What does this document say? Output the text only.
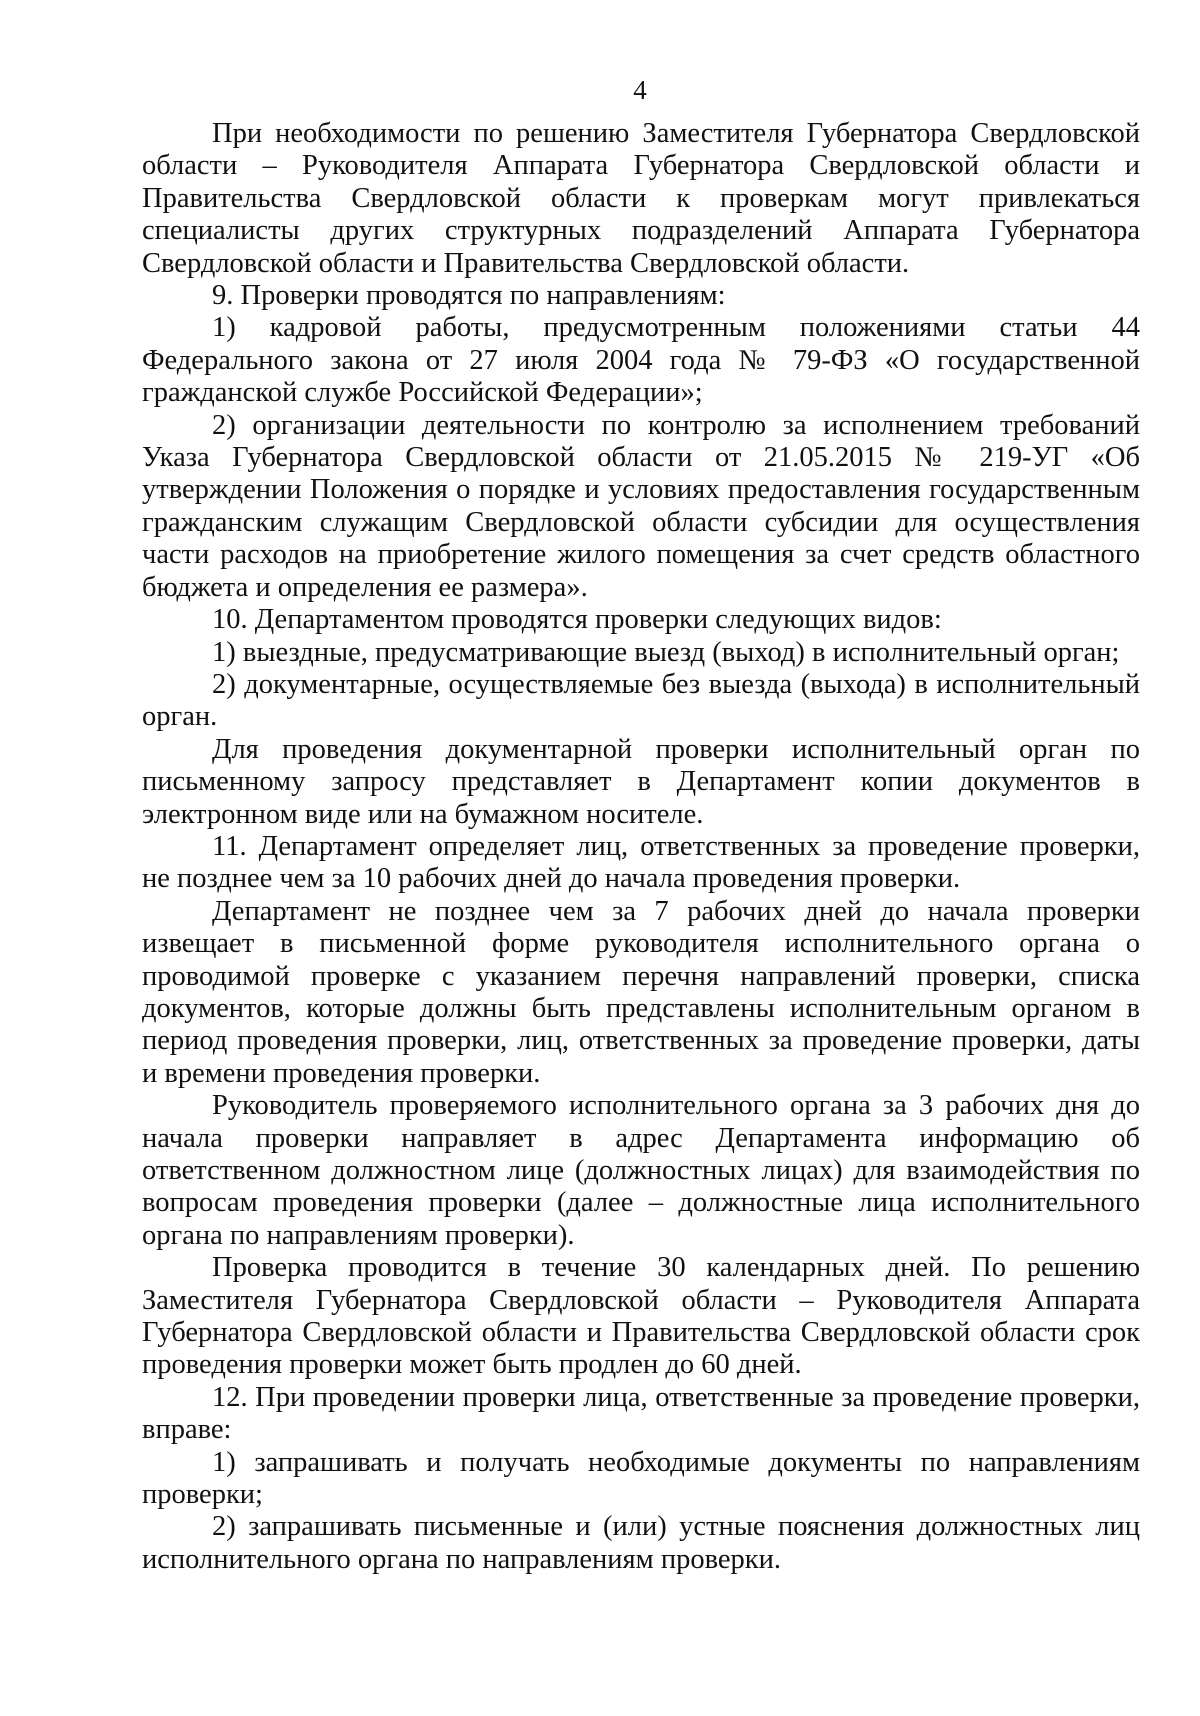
4

При необходимости по решению Заместителя Губернатора Свердловской области – Руководителя Аппарата Губернатора Свердловской области и Правительства Свердловской области к проверкам могут привлекаться специалисты других структурных подразделений Аппарата Губернатора Свердловской области и Правительства Свердловской области.

9. Проверки проводятся по направлениям:

1) кадровой работы, предусмотренным положениями статьи 44 Федерального закона от 27 июля 2004 года № 79-ФЗ «О государственной гражданской службе Российской Федерации»;

2) организации деятельности по контролю за исполнением требований Указа Губернатора Свердловской области от 21.05.2015 № 219-УГ «Об утверждении Положения о порядке и условиях предоставления государственным гражданским служащим Свердловской области субсидии для осуществления части расходов на приобретение жилого помещения за счет средств областного бюджета и определения ее размера».

10. Департаментом проводятся проверки следующих видов:

1) выездные, предусматривающие выезд (выход) в исполнительный орган;

2) документарные, осуществляемые без выезда (выхода) в исполнительный орган.

Для проведения документарной проверки исполнительный орган по письменному запросу представляет в Департамент копии документов в электронном виде или на бумажном носителе.

11. Департамент определяет лиц, ответственных за проведение проверки, не позднее чем за 10 рабочих дней до начала проведения проверки.

Департамент не позднее чем за 7 рабочих дней до начала проверки извещает в письменной форме руководителя исполнительного органа о проводимой проверке с указанием перечня направлений проверки, списка документов, которые должны быть представлены исполнительным органом в период проведения проверки, лиц, ответственных за проведение проверки, даты и времени проведения проверки.

Руководитель проверяемого исполнительного органа за 3 рабочих дня до начала проверки направляет в адрес Департамента информацию об ответственном должностном лице (должностных лицах) для взаимодействия по вопросам проведения проверки (далее – должностные лица исполнительного органа по направлениям проверки).

Проверка проводится в течение 30 календарных дней. По решению Заместителя Губернатора Свердловской области – Руководителя Аппарата Губернатора Свердловской области и Правительства Свердловской области срок проведения проверки может быть продлен до 60 дней.

12. При проведении проверки лица, ответственные за проведение проверки, вправе:

1) запрашивать и получать необходимые документы по направлениям проверки;

2) запрашивать письменные и (или) устные пояснения должностных лиц исполнительного органа по направлениям проверки.
